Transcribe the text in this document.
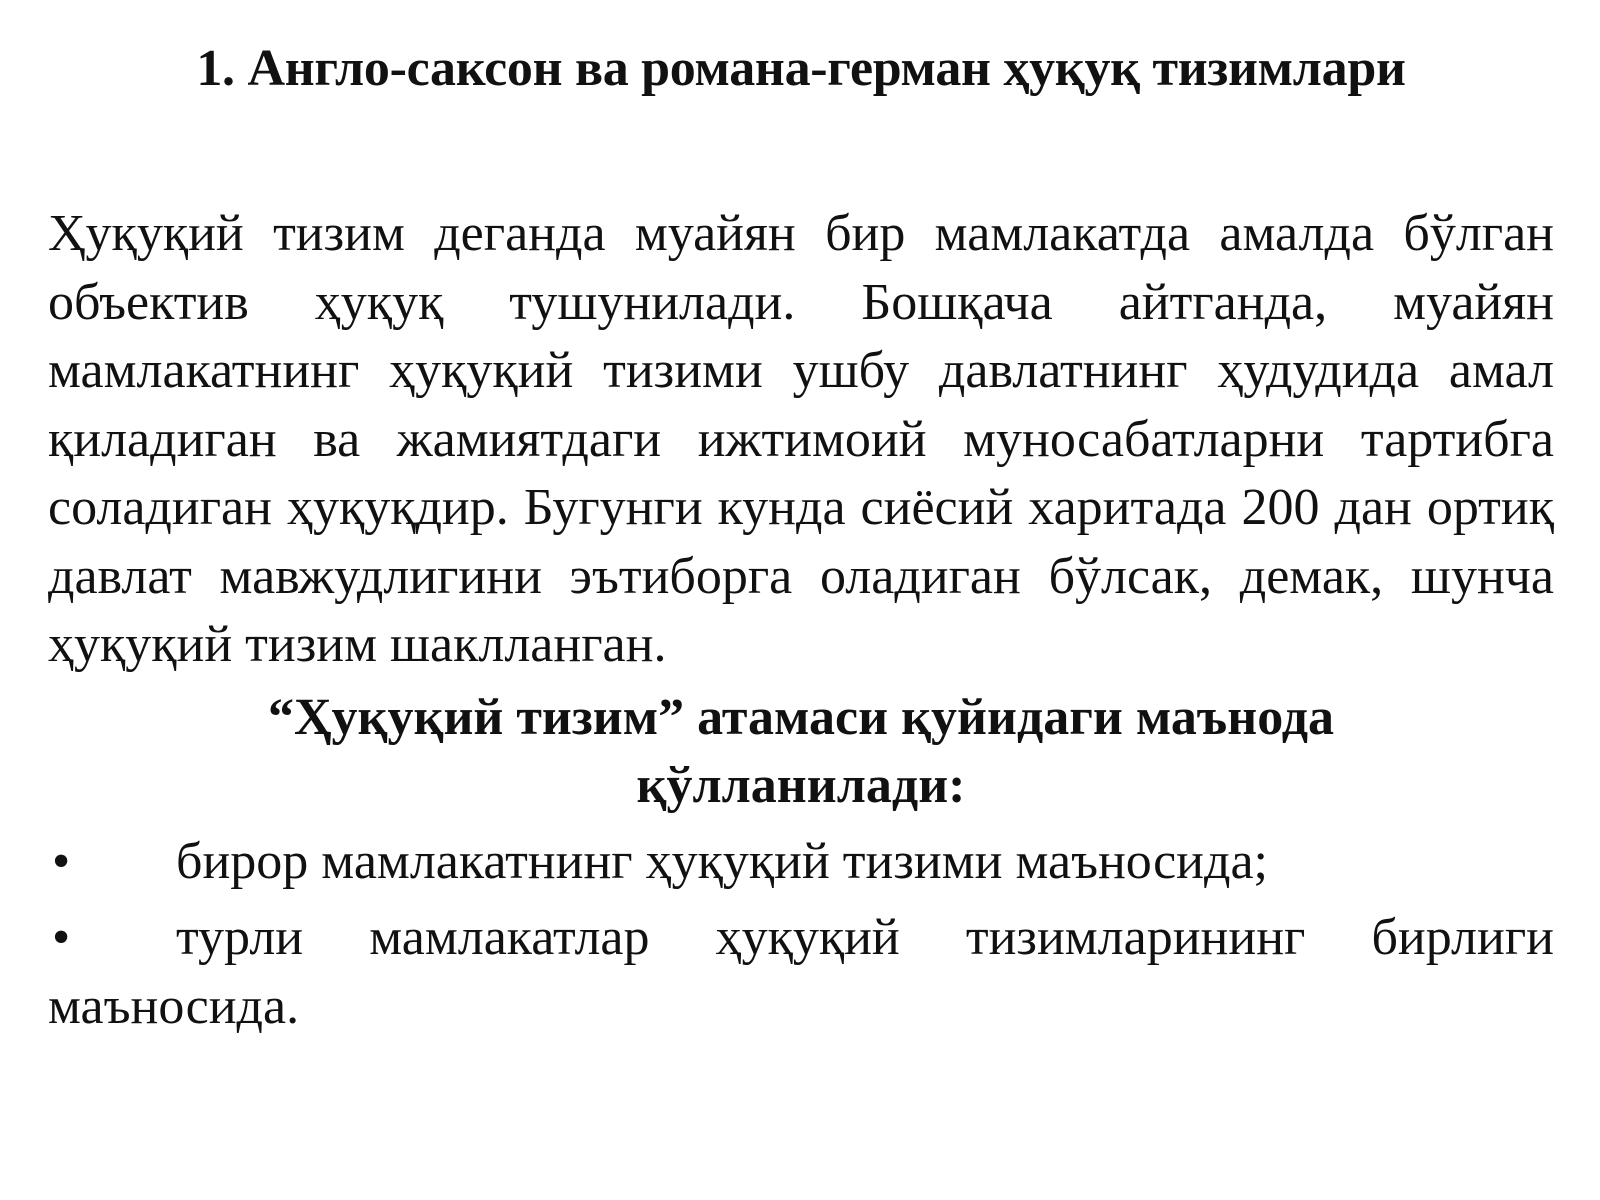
1. Англо-саксон ва романа-герман ҳуқуқ тизимлари

Ҳуқуқий тизим деганда муайян бир мамлакатда амалда бўлган объектив ҳуқуқ тушунилади. Бошқача айтганда, муайян мамлакатнинг ҳуқуқий тизими ушбу давлатнинг ҳудудида амал қиладиган ва жамиятдаги ижтимоий муносабатларни тартибга соладиган ҳуқуқдир. Бугунги кунда сиёсий харитада 200 дан ортиқ давлат мавжудлигини эътиборга оладиган бўлсак, демак, шунча ҳуқуқий тизим шаклланган.

“Ҳуқуқий тизим” атамаси қуйидаги маънода қўлланилади:
• бирор мамлакатнинг ҳуқуқий тизими маъносида;
• турли мамлакатлар ҳуқуқий тизимларининг бирлиги маъносида.
